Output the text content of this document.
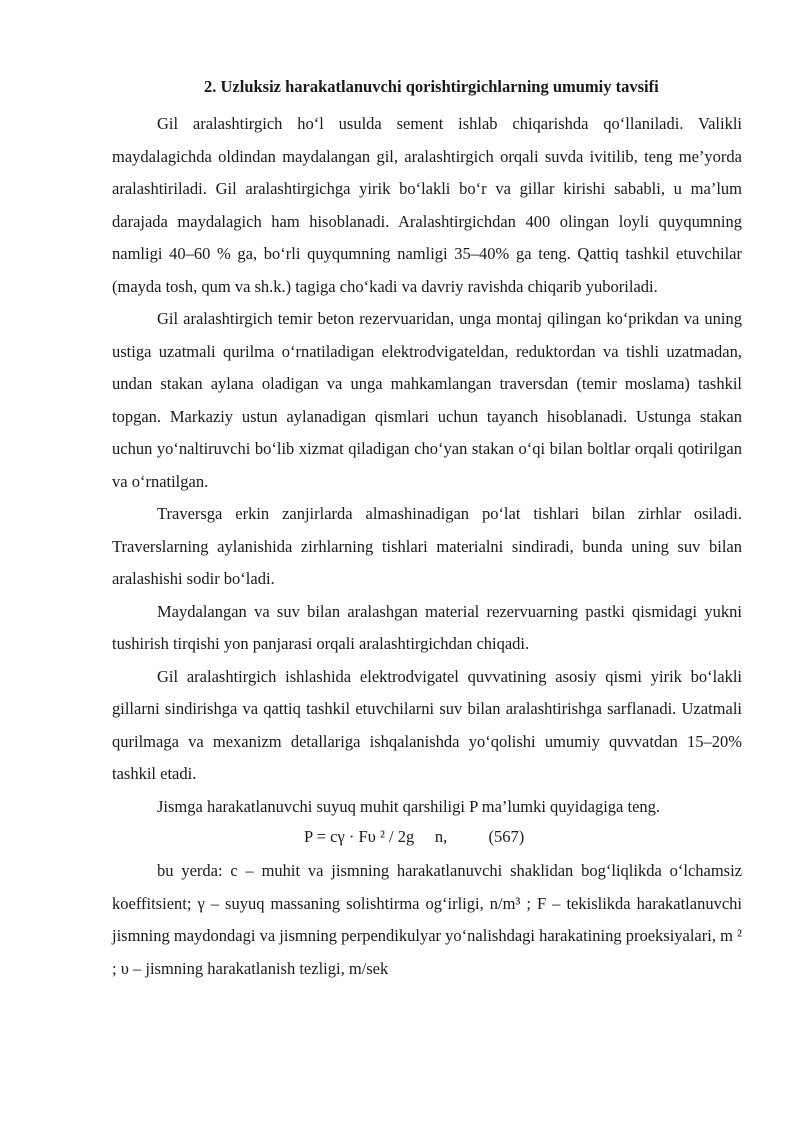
2. Uzluksiz harakatlanuvchi qorishtirgichlarning umumiy tavsifi

Gil aralashtirgich ho‘l usulda sement ishlab chiqarishda qo‘llaniladi. Valikli maydalagichda oldindan maydalangan gil, aralashtirgich orqali suvda ivitilib, teng me’yorda aralashtiriladi. Gil aralashtirgichga yirik bo‘lakli bo‘r va gillar kirishi sababli, u ma’lum darajada maydalagich ham hisoblanadi. Aralashtirgichdan 400 olingan loyli quyqumning namligi 40–60 % ga, bo‘rli quyqumning namligi 35–40% ga teng. Qattiq tashkil etuvchilar (mayda tosh, qum va sh.k.) tagiga cho‘kadi va davriy ravishda chiqarib yuboriladi.

Gil aralashtirgich temir beton rezervuaridan, unga montaj qilingan ko‘prikdan va uning ustiga uzatmali qurilma o‘rnatiladigan elektrodvigateldan, reduktordan va tishli uzatmadan, undan stakan aylana oladigan va unga mahkamlangan traversdan (temir moslama) tashkil topgan. Markaziy ustun aylanadigan qismlari uchun tayanch hisoblanadi. Ustunga stakan uchun yo‘naltiruvchi bo‘lib xizmat qiladigan cho‘yan stakan o‘qi bilan boltlar orqali qotirilgan va o‘rnatilgan.

Traversga erkin zanjirlarda almashinadigan po‘lat tishlari bilan zirhlar osiladi. Traverslarning aylanishida zirhlarning tishlari materialni sindiradi, bunda uning suv bilan aralashishi sodir bo‘ladi.

Maydalangan va suv bilan aralashgan material rezervuarning pastki qismidagi yukni tushirish tirqishi yon panjarasi orqali aralashtirgichdan chiqadi.

Gil aralashtirgich ishlashida elektrodvigatel quvvatining asosiy qismi yirik bo‘lakli gillarni sindirishga va qattiq tashkil etuvchilarni suv bilan aralashtirishga sarflanadi. Uzatmali qurilmaga va mexanizm detallariga ishqalanishda yo‘qolishi umumiy quvvatdan 15–20% tashkil etadi.

Jismga harakatlanuvchi suyuq muhit qarshiligi P ma’lumki quyidagiga teng.

P = cγ · Fυ ² / 2g     n,          (567)

bu yerda: c – muhit va jismning harakatlanuvchi shaklidan bog‘liqlikda o‘lchamsiz koeffitsient; γ – suyuq massaning solishtirma og‘irligi, n/m³ ; F – tekislikda harakatlanuvchi jismning maydondagi va jismning perpendikulyar yo‘nalishdagi harakatining proeksiyalari, m ² ; υ – jismning harakatlanish tezligi, m/sek
